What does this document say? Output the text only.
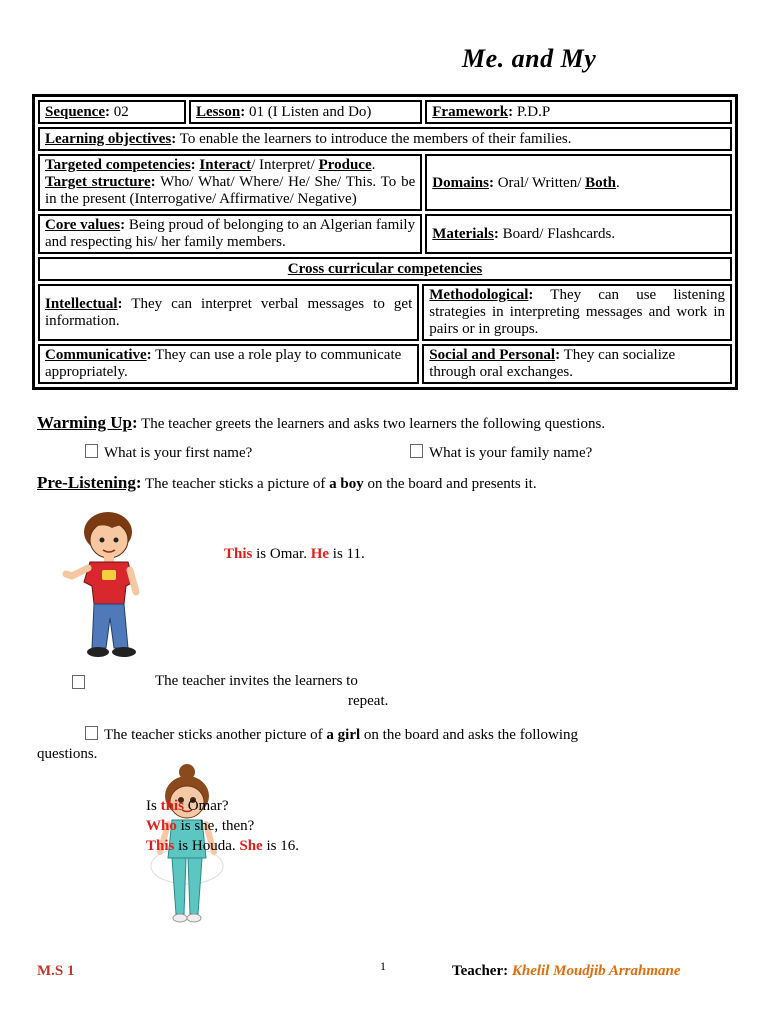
Me. and My
Sequence: 02	Lesson: 01 (I Listen and Do)		Framework: P.D.P
Learning objectives: To enable the learners to introduce the members of their families.			
Targeted competencies: Interact/ Interpret/ Produce.
Target structure: Who/ What/ Where/ He/ She/ This. To be in the present (Interrogative/ Affirmative/ Negative)			Domains: Oral/ Written/ Both.
Core values: Being proud of belonging to an Algerian family and respecting his/ her family members.			Materials: Board/ Flashcards.
Cross curricular competencies			
Intellectual: They can interpret verbal messages to get information.		Methodological: They can use listening strategies in interpreting messages and work in pairs or in groups.	
Communicative: They can use a role play to communicate appropriately.		Social and Personal: They can socialize through oral exchanges.	
Warming Up: The teacher greets the learners and asks two learners the following questions.
What is your first name?	What is your family name?
Pre-Listening: The teacher sticks a picture of a boy on the board and presents it.
This is Omar. He is 11.
The teacher invites the learners to
repeat.
The teacher sticks another picture of a girl on the board and asks the following
questions.
Is this Omar?
Who is she, then?
This is Houda. She is 16.
M.S 1	1	Teacher: Khelil Moudjib Arrahmane
